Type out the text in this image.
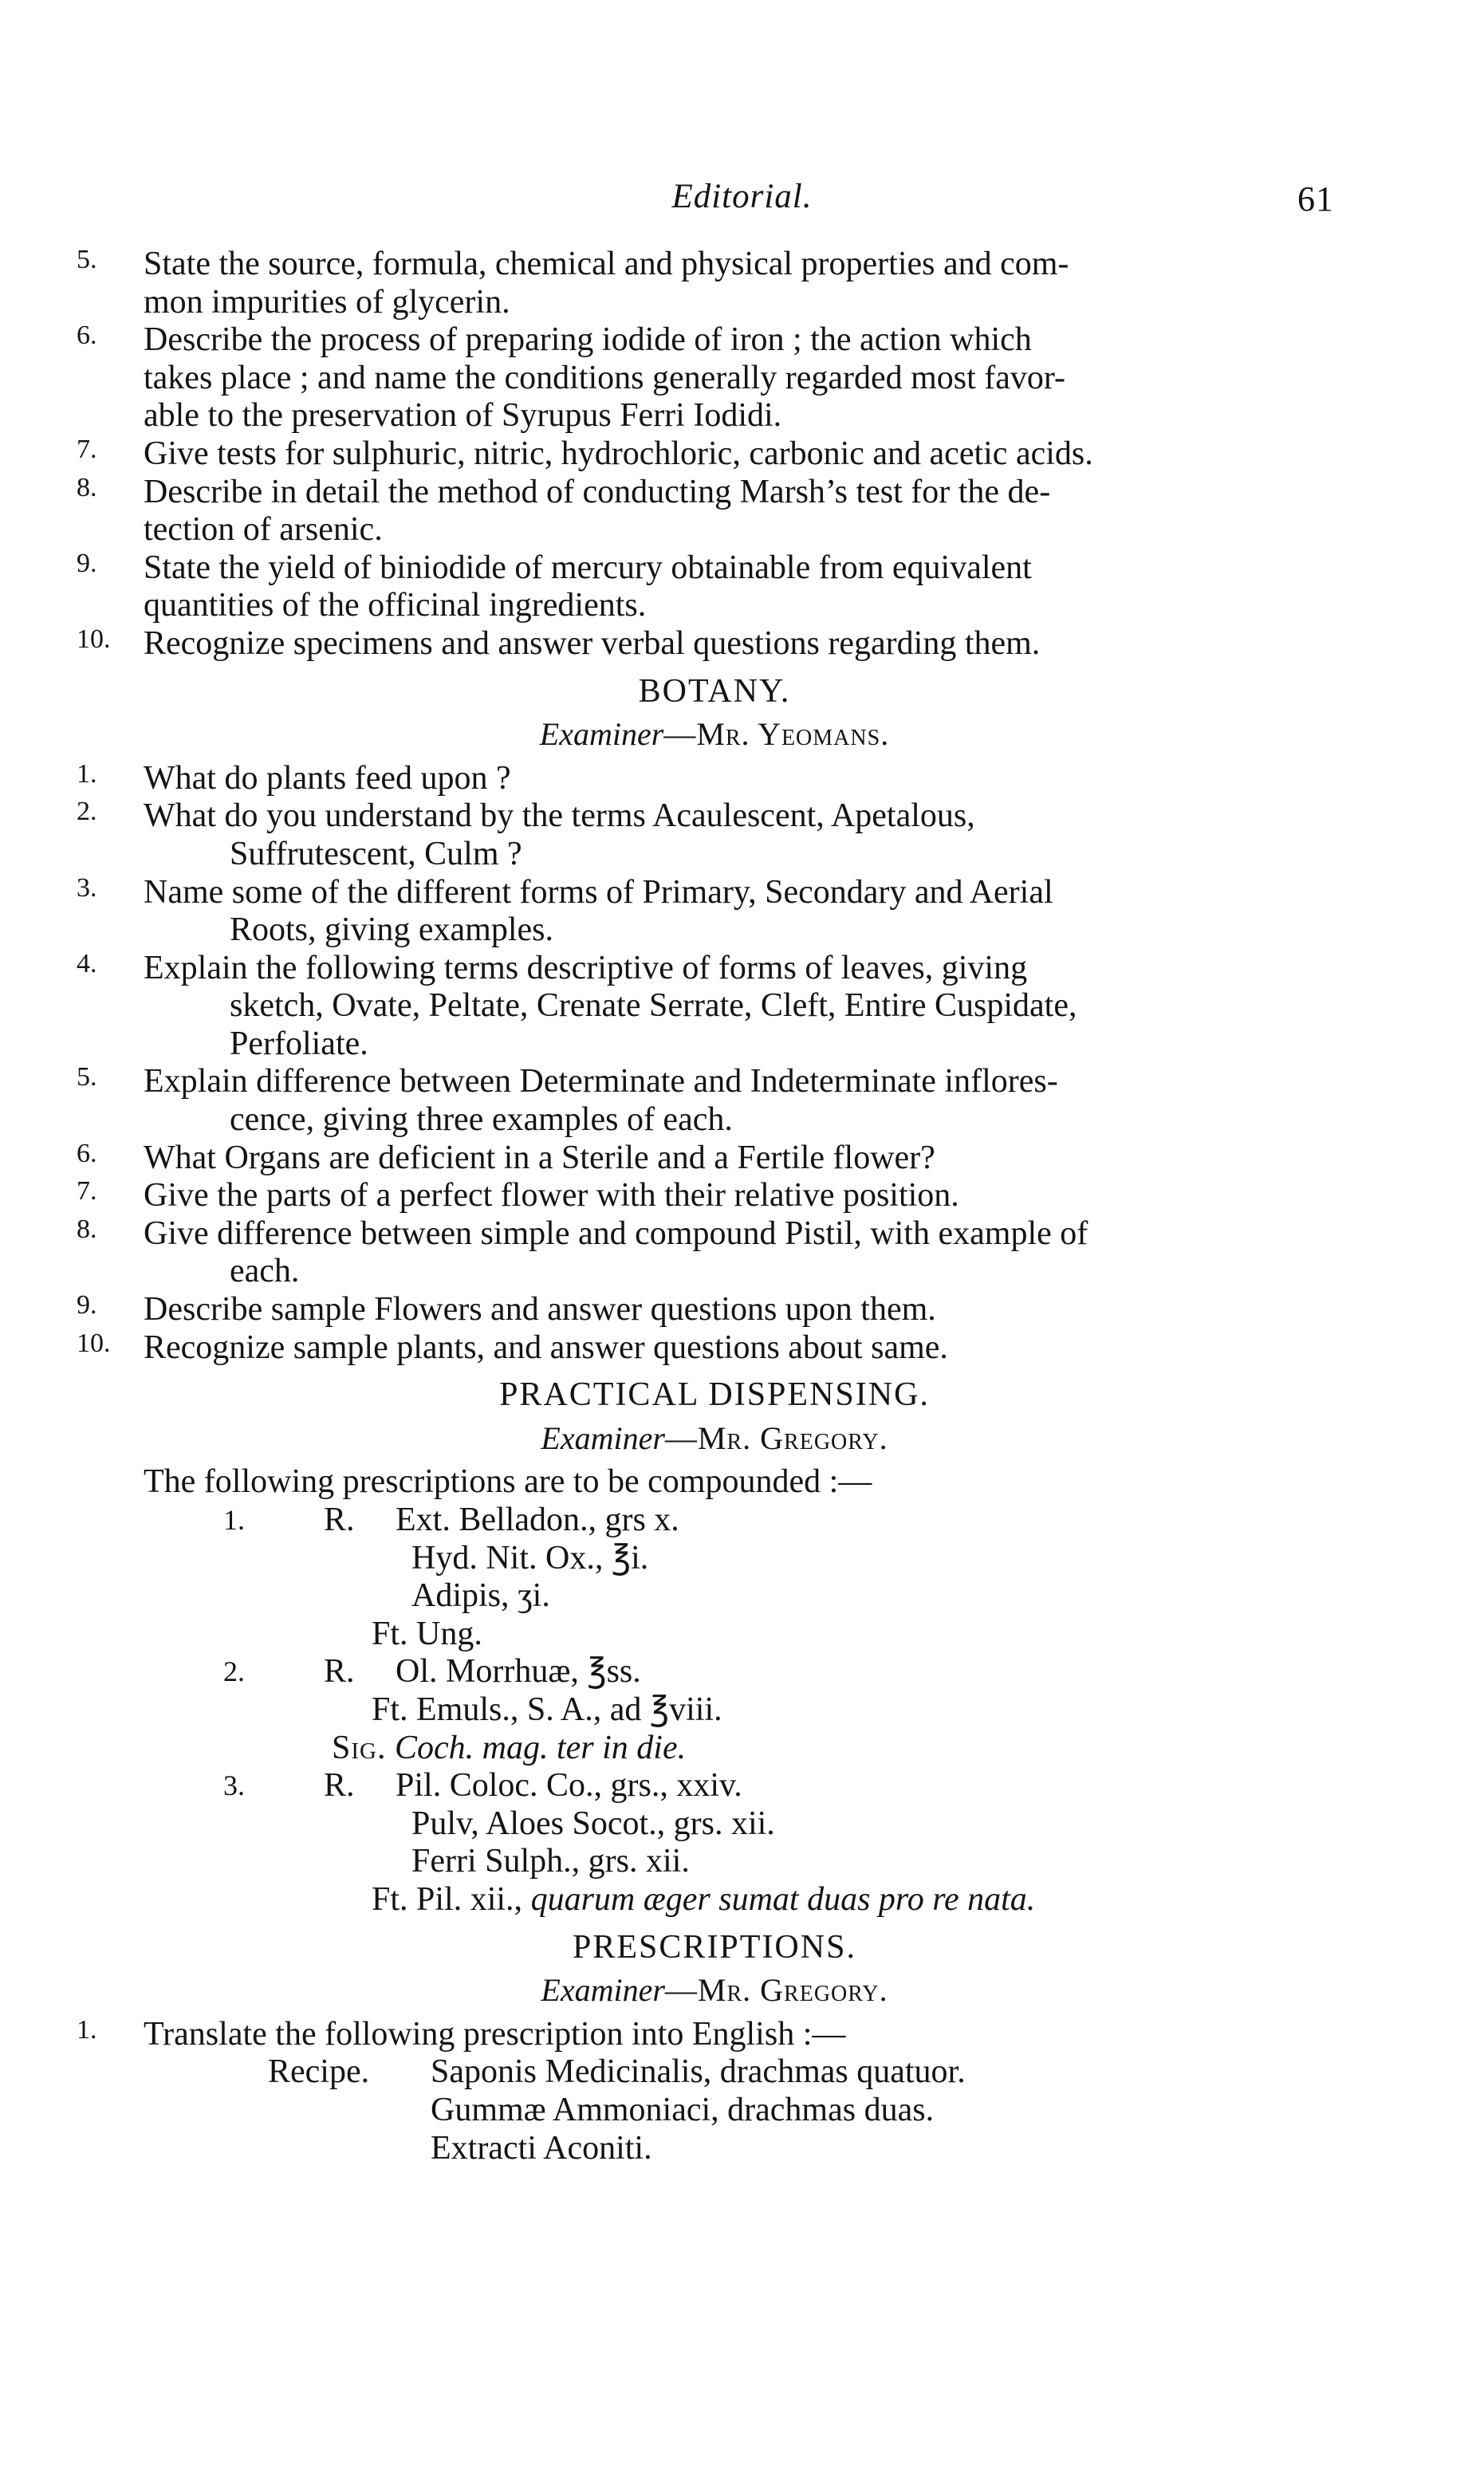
Editorial.	61
5. State the source, formula, chemical and physical properties and com-
mon impurities of glycerin.
6. Describe the process of preparing iodide of iron ; the action which
takes place ; and name the conditions generally regarded most favor-
able to the preservation of Syrupus Ferri Iodidi.
7. Give tests for sulphuric, nitric, hydrochloric, carbonic and acetic acids.
8. Describe in detail the method of conducting Marsh’s test for the de-
tection of arsenic.
9. State the yield of biniodide of mercury obtainable from equivalent
quantities of the officinal ingredients.
10. Recognize specimens and answer verbal questions regarding them.
BOTANY.
Examiner—Mr. Yeomans.
1. What do plants feed upon ?
2. What do you understand by the terms Acaulescent, Apetalous,
Suffrutescent, Culm ?
3. Name some of the different forms of Primary, Secondary and Aerial
Roots, giving examples.
4. Explain the following terms descriptive of forms of leaves, giving
sketch, Ovate, Peltate, Crenate Serrate, Cleft, Entire Cuspidate,
Perfoliate.
5. Explain difference between Determinate and Indeterminate inflores-
cence, giving three examples of each.
6. What Organs are deficient in a Sterile and a Fertile flower?
7. Give the parts of a perfect flower with their relative position.
8. Give difference between simple and compound Pistil, with example of
each.
9. Describe sample Flowers and answer questions upon them.
10. Recognize sample plants, and answer questions about same.
PRACTICAL DISPENSING.
Examiner—Mr. Gregory.
The following prescriptions are to be compounded :—
1. R.	Ext. Belladon., grs x.
Hyd. Nit. Ox., ℥i.
Adipis, ʒi.
Ft. Ung.
2. R.	Ol. Morrhuæ, ℥ss.
Ft. Emuls., S. A., ad ℥viii.
Sig. Coch. mag. ter in die.
3. R.	Pil. Coloc. Co., grs., xxiv.
Pulv, Aloes Socot., grs. xii.
Ferri Sulph., grs. xii.
Ft. Pil. xii., quarum æger sumat duas pro re nata.
PRESCRIPTIONS.
Examiner—Mr. Gregory.
1. Translate the following prescription into English :—
Recipe.	Saponis Medicinalis, drachmas quatuor.
Gummæ Ammoniaci, drachmas duas.
Extracti Aconiti.
